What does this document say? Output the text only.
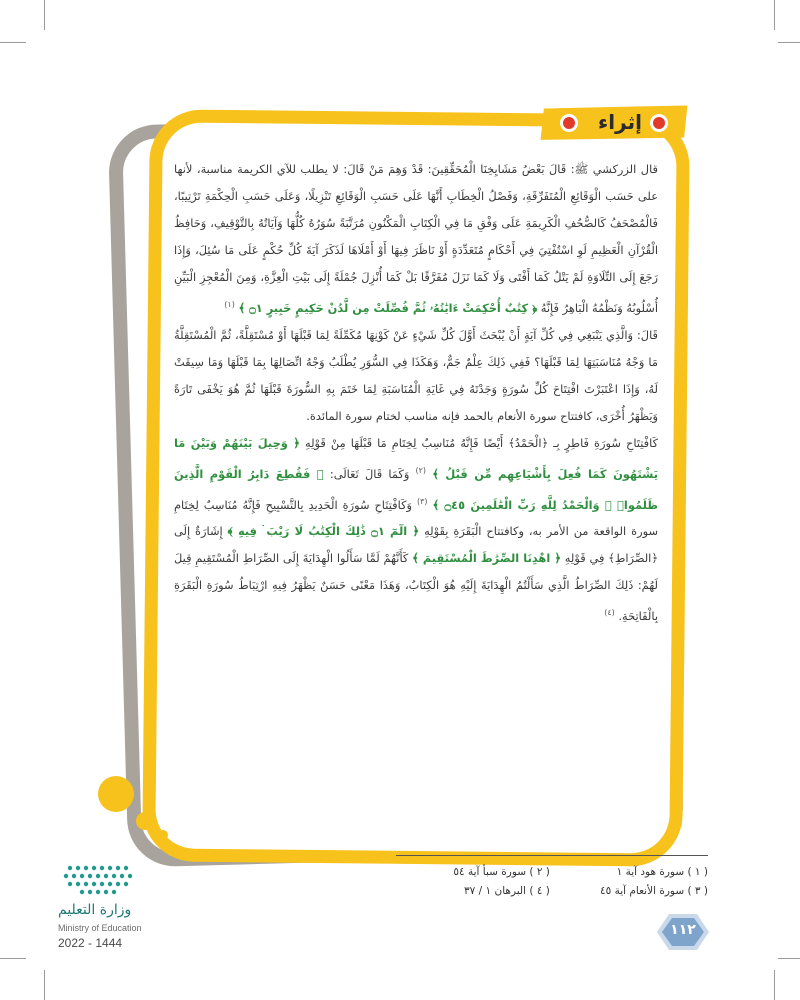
إثراء

قال الزركشي ﷺ: قَالَ بَعْضُ مَشَايِخِنَا الْمُحَقِّقِينَ: قَدْ وَهِمَ مَنْ قَالَ: لا يطلب للآي الكريمة مناسبة، لأنها على حَسَب الْوَقَائِعِ الْمُتَفَرِّقَةِ، وَفَصْلُ الْخِطَابِ أَنَّهَا عَلَى حَسَبِ الْوَقَائِعِ تَنْزِيلًا، وَعَلَى حَسَبِ الْحِكْمَةِ تَرْتِيبًا، فَالْمُصْحَفُ كَالصُّحُفِ الْكَرِيمَةِ عَلَى وَفْقِ مَا فِي الْكِتَابِ الْمَكْنُونِ مُرَتَّبَةً سُوَرُهُ كُلُّهَا وَآيَاتُهُ بِالتَّوْقِيفِ، وَحَافِظُ الْقُرْآنِ الْعَظِيمِ لَوِ اسْتُفْتِيَ فِي أَحْكَامٍ مُتَعَدِّدَةٍ أَوْ نَاظَرَ فِيهَا أَوْ أَمْلَاهَا لَذَكَرَ آيَةَ كُلِّ حُكْمٍ عَلَى مَا سُئِلَ، وَإِذَا رَجَعَ إِلَى التِّلَاوَةِ لَمْ يَتْلُ كَمَا أَفْتَى وَلَا كَمَا نَزَلَ مُفَرَّقًا بَلْ كَمَا أُنْزِلَ جُمْلَةً إِلَى بَيْتِ الْعِزَّةِ، وَمِنَ الْمُعْجِزِ الْبَيِّنِ أُسْلُوبُهُ وَنَظْمُهُ الْبَاهِرُ فَإِنَّهُ ﴿ كِتَٰبٌ أُحْكِمَتْ ءَايَٰتُهُۥ ثُمَّ فُصِّلَتْ مِن لَّدُنْ حَكِيمٍ خَبِيرٍ ۝١ ﴾ $^{(١)}$

قَالَ: وَالَّذِي يَنْبَغِي فِي كُلِّ آيَةٍ أَنْ يُبْحَثَ أَوَّلَ كُلِّ شَيْءٍ عَنْ كَوْنِهَا مُكَمِّلَةً لِمَا قَبْلَهَا أَوْ مُسْتَقِلَّةً، ثُمَّ الْمُسْتَقِلَّةُ مَا وَجْهُ مُنَاسَبَتِهَا لِمَا قَبْلَهَا؟ فَفِي ذَلِكَ عِلْمٌ جَمٌّ، وَهَكَذَا فِي السُّوَرِ يُطْلَبُ وَجْهُ اتِّصَالِهَا بِمَا قَبْلَهَا وَمَا سِيقَتْ لَهُ، وَإِذَا اعْتَبَرْتَ افْتِتَاحَ كُلِّ سُورَةٍ وَجَدْتَهُ فِي غَايَةِ الْمُنَاسَبَةِ لِمَا خَتَمَ بِهِ السُّورَةَ قَبْلَهَا ثُمَّ هُوَ يَخْفَى تَارَةً وَيَظْهَرُ أُخْرَى، كافتتاح سورة الأنعام بالحمد فإنه مناسب لختام سورة المائدة.

كَافْتِتَاحِ سُورَةِ فَاطِرٍ بِـ ﴿الْحَمْدُ﴾ أَيْضًا فَإِنَّهُ مُنَاسِبٌ لِخِتَامِ مَا قَبْلَهَا مِنْ قَوْلِهِ ﴿ وَحِيلَ بَيْنَهُمْ وَبَيْنَ مَا يَشْتَهُونَ كَمَا فُعِلَ بِأَشْيَاعِهِم مِّن قَبْلُ ﴾ $^{(٢)}$ وَكَمَا قَالَ تَعَالَى: ﴿ فَقُطِعَ دَابِرُ الْقَوْمِ الَّذِينَ ظَلَمُوا۟ ۚ وَالْحَمْدُ لِلَّهِ رَبِّ الْعَٰلَمِينَ ۝٤٥ ﴾ $^{(٣)}$ وَكَافْتِتَاحِ سُورَةِ الْحَدِيدِ بِالتَّسْبِيحِ فَإِنَّهُ مُنَاسِبٌ لِخِتَامِ سورة الواقعة من الأمر به، وكافتتاح الْبَقَرَةِ بِقَوْلِهِ ﴿ الٓمٓ ۝١ ذَٰلِكَ الْكِتَٰبُ لَا رَيْبَ ۛ فِيهِ ﴾ إِشَارَةٌ إِلَى ﴿الصِّرَاطِ﴾ فِي قَوْلِهِ ﴿ اهْدِنَا الصِّرَٰطَ الْمُسْتَقِيمَ ﴾ كَأَنَّهُمْ لَمَّا سَأَلُوا الْهِدَايَةَ إِلَى الصِّرَاطِ الْمُسْتَقِيمِ قِيلَ لَهُمْ: ذَلِكَ الصِّرَاطُ الَّذِي سَأَلْتُمُ الْهِدَايَةَ إِلَيْهِ هُوَ الْكِتَابُ، وَهَذَا مَعْنًى حَسَنٌ يَظْهَرُ فِيهِ ارْتِبَاطُ سُورَةِ الْبَقَرَةِ بِالْفَاتِحَةِ. $^{(٤)}$

( ١ ) سورة هود آية ١
( ٢ ) سورة سبأ آية ٥٤
( ٣ ) سورة الأنعام آية ٤٥
( ٤ ) البرهان ١ / ٣٧
١١٢
وزارة التعليم
Ministry of Education
2022 - 1444
